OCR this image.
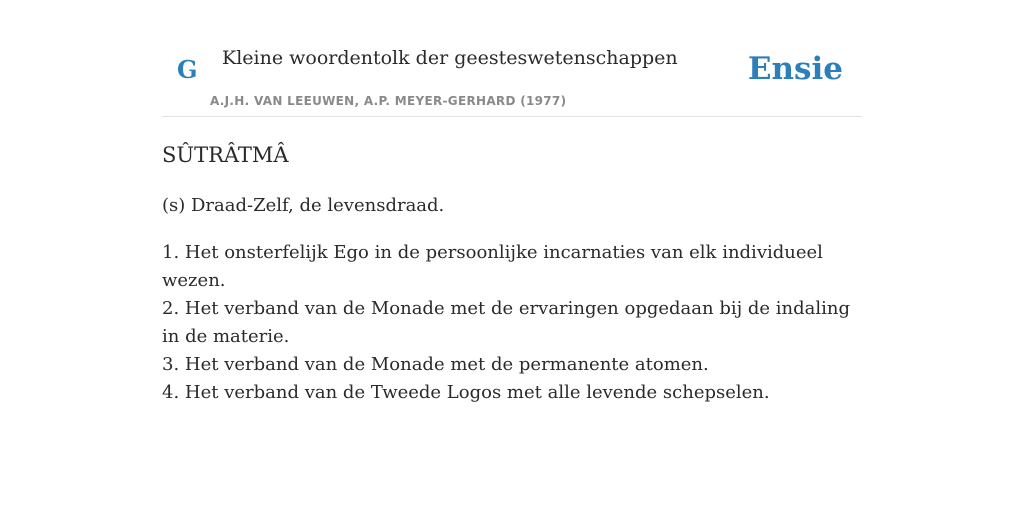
G Kleine woordentolk der geesteswetenschappen
A.J.H. VAN LEEUWEN, A.P. MEYER-GERHARD (1977)
Ensie
SÛTRÂTMÂ

(s) Draad-Zelf, de levensdraad.

1. Het onsterfelijk Ego in de persoonlijke incarnaties van elk individueel wezen.
2. Het verband van de Monade met de ervaringen opgedaan bij de indaling in de materie.
3. Het verband van de Monade met de permanente atomen.
4. Het verband van de Tweede Logos met alle levende schepselen.
